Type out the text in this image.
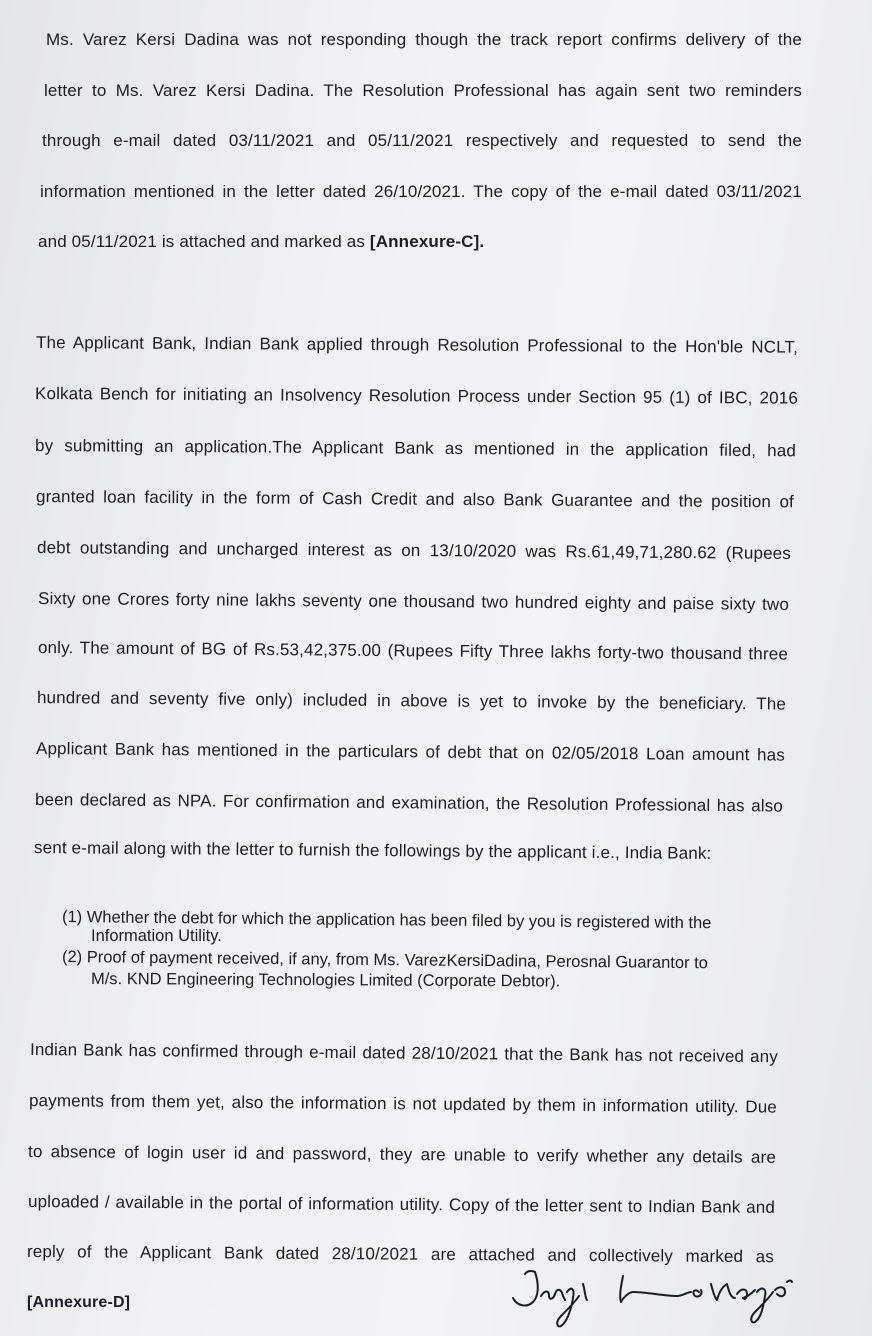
Ms. Varez Kersi Dadina was not responding though the track report confirms delivery of the
letter to Ms. Varez Kersi Dadina. The Resolution Professional has again sent two reminders
through e-mail dated 03/11/2021 and 05/11/2021 respectively and requested to send the
information mentioned in the letter dated 26/10/2021. The copy of the e-mail dated 03/11/2021
and 05/11/2021 is attached and marked as [Annexure-C].
The Applicant Bank, Indian Bank applied through Resolution Professional to the Hon'ble NCLT,
Kolkata Bench for initiating an Insolvency Resolution Process under Section 95 (1) of IBC, 2016
by submitting an application.The Applicant Bank as mentioned in the application filed, had
granted loan facility in the form of Cash Credit and also Bank Guarantee and the position of
debt outstanding and uncharged interest as on 13/10/2020 was Rs.61,49,71,280.62 (Rupees
Sixty one Crores forty nine lakhs seventy one thousand two hundred eighty and paise sixty two
only. The amount of BG of Rs.53,42,375.00 (Rupees Fifty Three lakhs forty-two thousand three
hundred and seventy five only) included in above is yet to invoke by the beneficiary. The
Applicant Bank has mentioned in the particulars of debt that on 02/05/2018 Loan amount has
been declared as NPA. For confirmation and examination, the Resolution Professional has also
sent e-mail along with the letter to furnish the followings by the applicant i.e., India Bank:
(1) Whether the debt for which the application has been filed by you is registered with the
Information Utility.
(2) Proof of payment received, if any, from Ms. VarezKersiDadina, Perosnal Guarantor to
M/s. KND Engineering Technologies Limited (Corporate Debtor).
Indian Bank has confirmed through e-mail dated 28/10/2021 that the Bank has not received any
payments from them yet, also the information is not updated by them in information utility. Due
to absence of login user id and password, they are unable to verify whether any details are
uploaded / available in the portal of information utility. Copy of the letter sent to Indian Bank and
reply of the Applicant Bank dated 28/10/2021 are attached and collectively marked as
[Annexure-D]
